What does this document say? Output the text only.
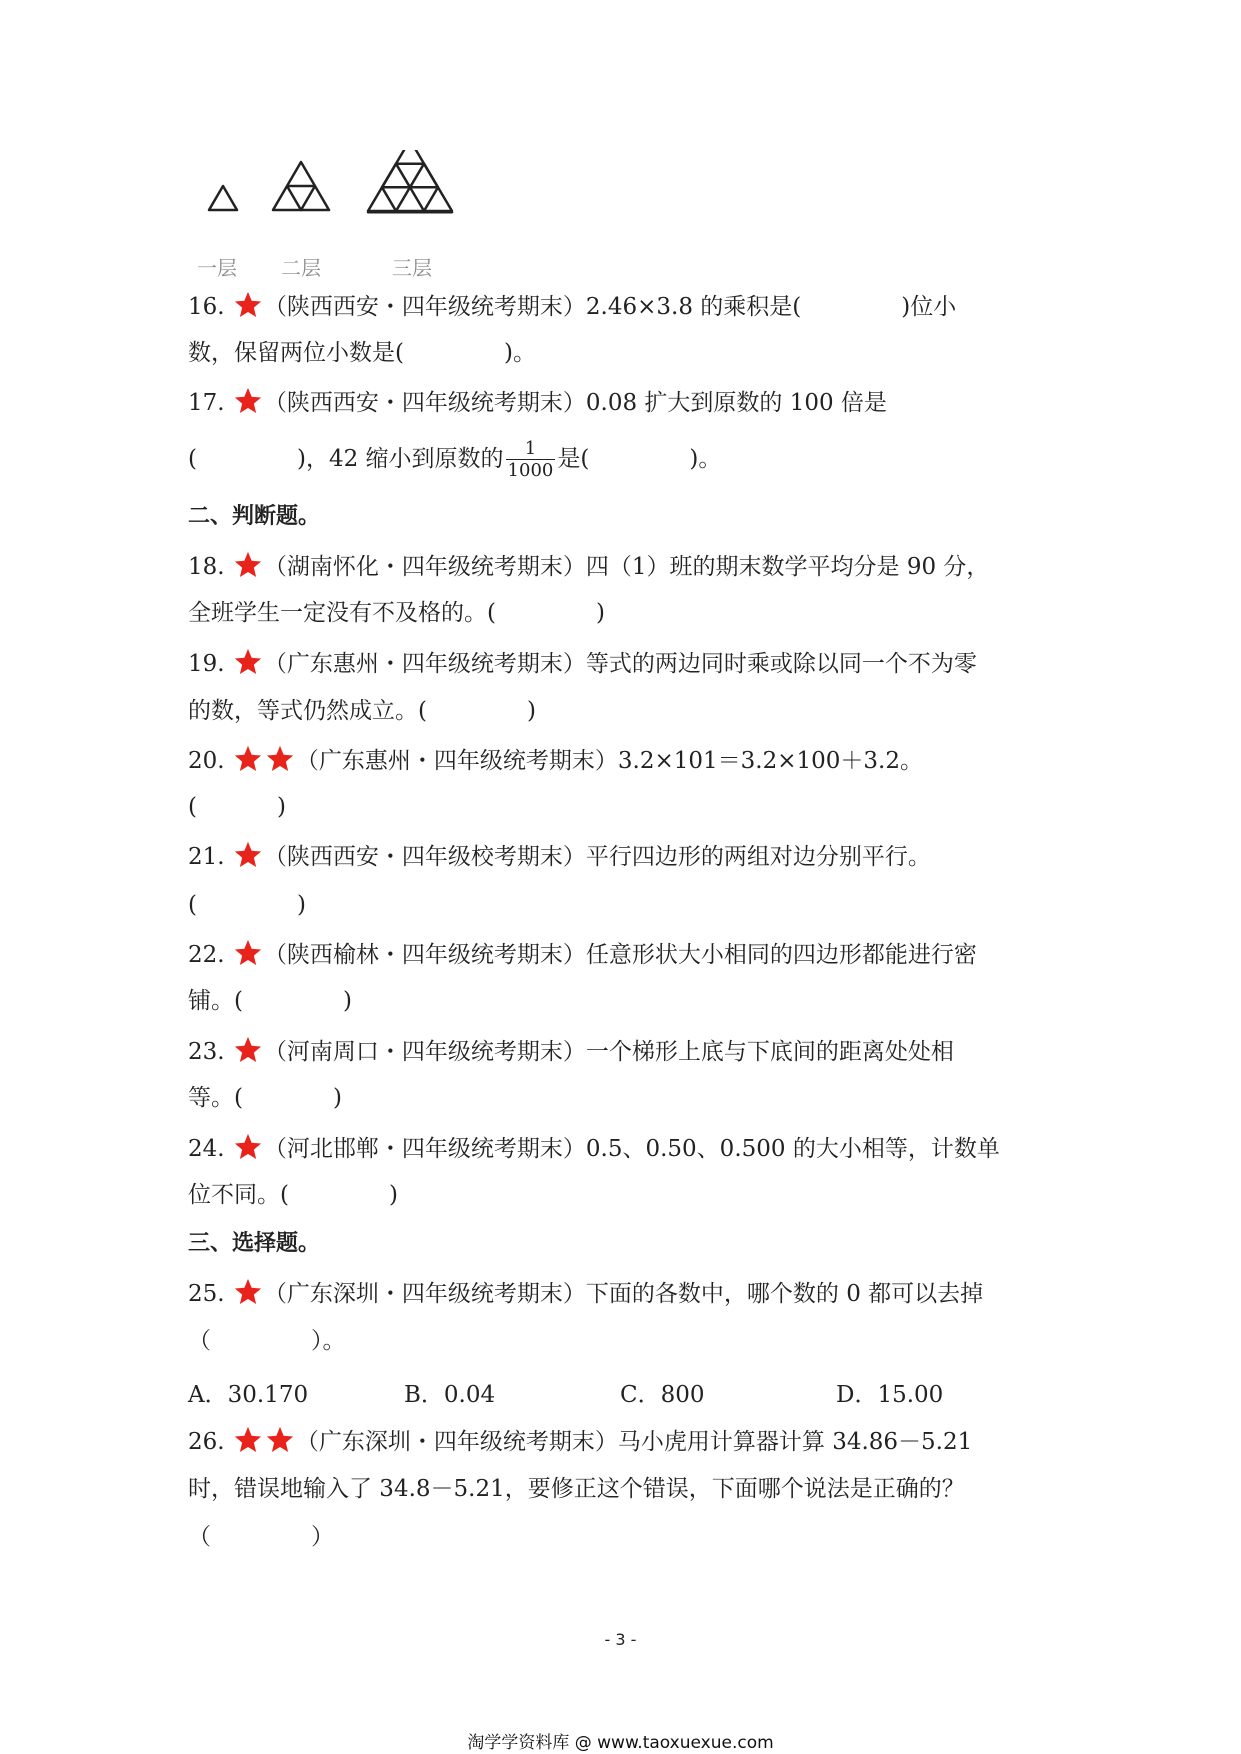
一层 二层	三层
16. （陕西西安・四年级统考期末）2.46×3.8 的乘积是(	)位小
数，保留两位小数是(	)。
17. （陕西西安・四年级统考期末）0.08 扩大到原数的 100 倍是
(	)，42 缩小到原数的 $\frac{1}{1000}$ 是(	)。
二、判断题。
18. （湖南怀化・四年级统考期末）四（1）班的期末数学平均分是 90 分，
全班学生一定没有不及格的。(	)
19. （广东惠州・四年级统考期末）等式的两边同时乘或除以同一个不为零
的数，等式仍然成立。(	)
20.	（广东惠州・四年级统考期末）3.2×101＝3.2×100＋3.2。
(	)
21. （陕西西安・四年级校考期末）平行四边形的两组对边分别平行。
(	)
22. （陕西榆林・四年级统考期末）任意形状大小相同的四边形都能进行密
铺。(	)
23. （河南周口・四年级统考期末）一个梯形上底与下底间的距离处处相
等。(	)
24. （河北邯郸・四年级统考期末）0.5、0.50、0.500 的大小相等，计数单
位不同。(	)
三、选择题。
25. （广东深圳・四年级统考期末）下面的各数中，哪个数的 0 都可以去掉
（	）。
A．30.170	B．0.04	C．800	D．15.00
26.	（广东深圳・四年级统考期末）马小虎用计算器计算 34.86－5.21
时，错误地输入了 34.8－5.21，要修正这个错误，下面哪个说法是正确的？
（	）
- 3 -
淘学学资料库 @ www.taoxuexue.com
